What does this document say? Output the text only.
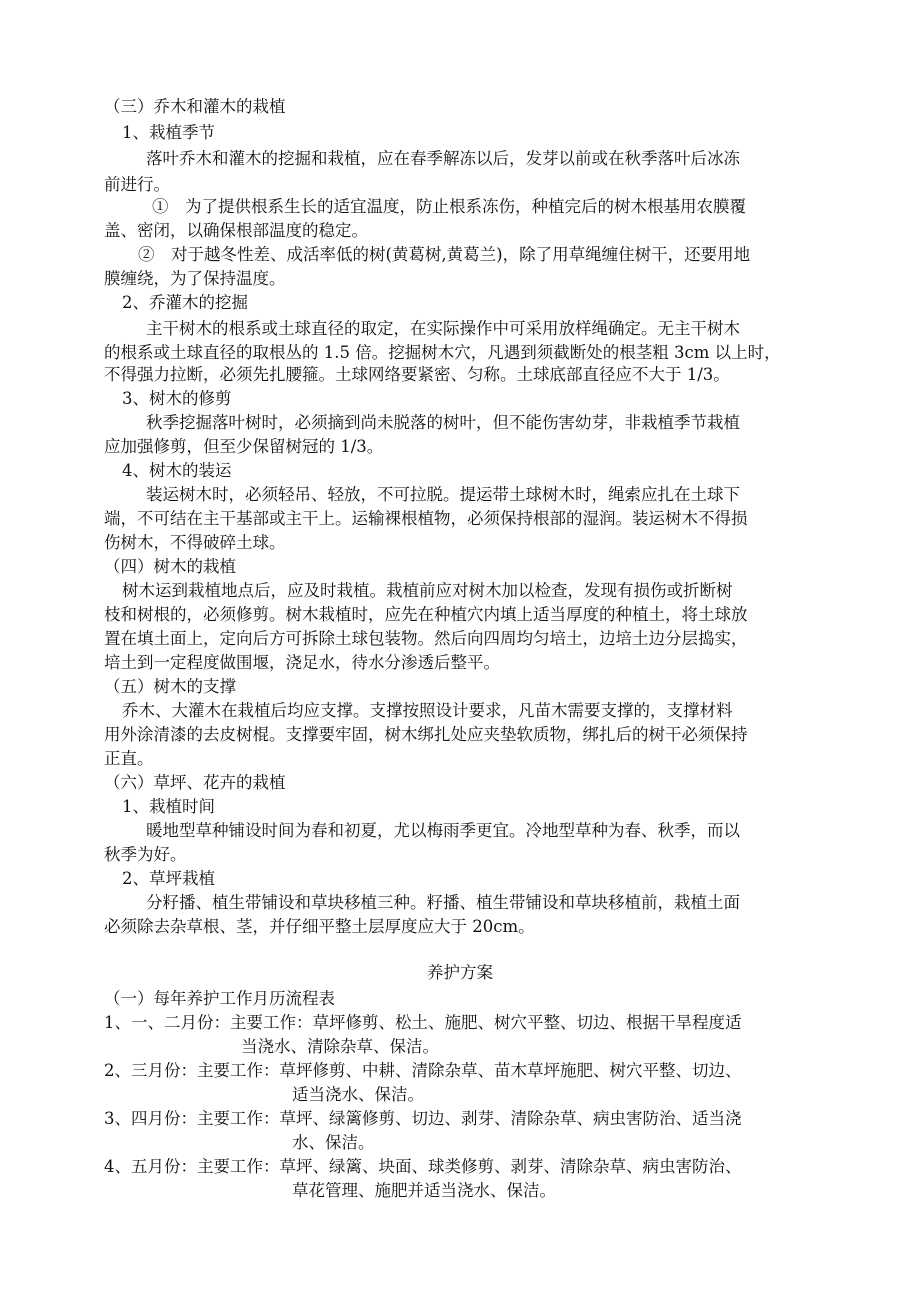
（三）乔木和灌木的栽植
1、栽植季节
落叶乔木和灌木的挖掘和栽植，应在春季解冻以后，发芽以前或在秋季落叶后冰冻
前进行。
①　为了提供根系生长的适宜温度，防止根系冻伤，种植完后的树木根基用农膜覆
盖、密闭，以确保根部温度的稳定。
②　对于越冬性差、成活率低的树(黄葛树,黄葛兰)，除了用草绳缠住树干，还要用地
膜缠绕，为了保持温度。
2、乔灌木的挖掘
主干树木的根系或土球直径的取定，在实际操作中可采用放样绳确定。无主干树木
的根系或土球直径的取根丛的 1.5 倍。挖掘树木穴，凡遇到须截断处的根茎粗 3cm 以上时，
不得强力拉断，必须先扎腰箍。土球网络要紧密、匀称。土球底部直径应不大于 1/3。
3、树木的修剪
秋季挖掘落叶树时，必须摘到尚未脱落的树叶，但不能伤害幼芽，非栽植季节栽植
应加强修剪，但至少保留树冠的 1/3。
4、树木的装运
装运树木时，必须轻吊、轻放，不可拉脱。提运带土球树木时，绳索应扎在土球下
端，不可结在主干基部或主干上。运输裸根植物，必须保持根部的湿润。装运树木不得损
伤树木，不得破碎土球。
（四）树木的栽植
树木运到栽植地点后，应及时栽植。栽植前应对树木加以检查，发现有损伤或折断树
枝和树根的，必须修剪。树木栽植时，应先在种植穴内填上适当厚度的种植土，将土球放
置在填土面上，定向后方可拆除土球包装物。然后向四周均匀培土，边培土边分层捣实，
培土到一定程度做围堰，浇足水，待水分渗透后整平。
（五）树木的支撑
乔木、大灌木在栽植后均应支撑。支撑按照设计要求，凡苗木需要支撑的，支撑材料
用外涂清漆的去皮树棍。支撑要牢固，树木绑扎处应夹垫软质物，绑扎后的树干必须保持
正直。
（六）草坪、花卉的栽植
1、栽植时间
暖地型草种铺设时间为春和初夏，尤以梅雨季更宜。冷地型草种为春、秋季，而以
秋季为好。
2、草坪栽植
分籽播、植生带铺设和草块移植三种。籽播、植生带铺设和草块移植前，栽植土面
必须除去杂草根、茎，并仔细平整土层厚度应大于 20cm。
养护方案
（一）每年养护工作月历流程表
1、一、二月份：主要工作：草坪修剪、松土、施肥、树穴平整、切边、根据干旱程度适
当浇水、清除杂草、保洁。
2、三月份：主要工作：草坪修剪、中耕、清除杂草、苗木草坪施肥、树穴平整、切边、
适当浇水、保洁。
3、四月份：主要工作：草坪、绿篱修剪、切边、剥芽、清除杂草、病虫害防治、适当浇
水、保洁。
4、五月份：主要工作：草坪、绿篱、块面、球类修剪、剥芽、清除杂草、病虫害防治、
草花管理、施肥并适当浇水、保洁。
